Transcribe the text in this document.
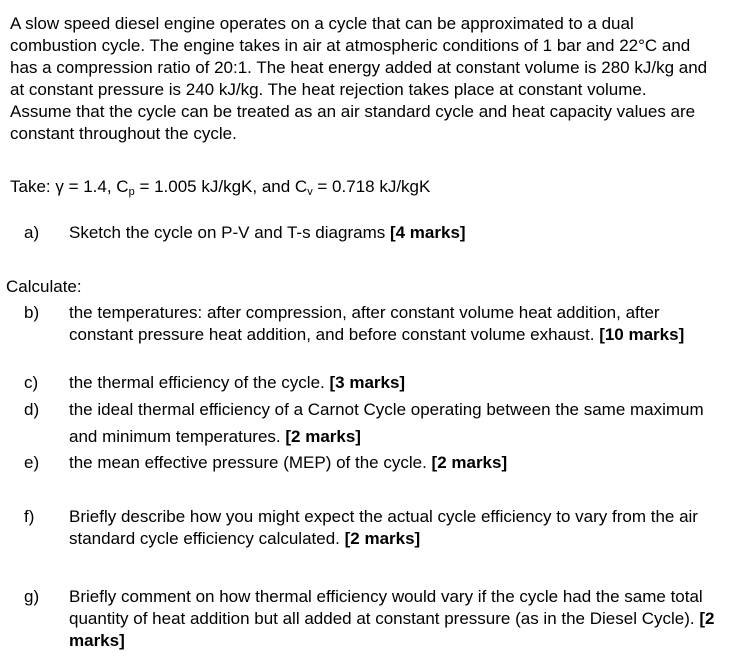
A slow speed diesel engine operates on a cycle that can be approximated to a dual combustion cycle. The engine takes in air at atmospheric conditions of 1 bar and 22°C and has a compression ratio of 20:1. The heat energy added at constant volume is 280 kJ/kg and at constant pressure is 240 kJ/kg. The heat rejection takes place at constant volume. Assume that the cycle can be treated as an air standard cycle and heat capacity values are constant throughout the cycle.

Take: γ = 1.4, $C_p = 1.005$ kJ/kgK, and $C_v = 0.718$ kJ/kgK

a) Sketch the cycle on P-V and T-s diagrams [4 marks]
Calculate:
b) the temperatures: after compression, after constant volume heat addition, after constant pressure heat addition, and before constant volume exhaust. [10 marks]
c) the thermal efficiency of the cycle. [3 marks]
d) the ideal thermal efficiency of a Carnot Cycle operating between the same maximum and minimum temperatures. [2 marks]
e) the mean effective pressure (MEP) of the cycle. [2 marks]
f) Briefly describe how you might expect the actual cycle efficiency to vary from the air standard cycle efficiency calculated. [2 marks]
g) Briefly comment on how thermal efficiency would vary if the cycle had the same total quantity of heat addition but all added at constant pressure (as in the Diesel Cycle). [2 marks]
